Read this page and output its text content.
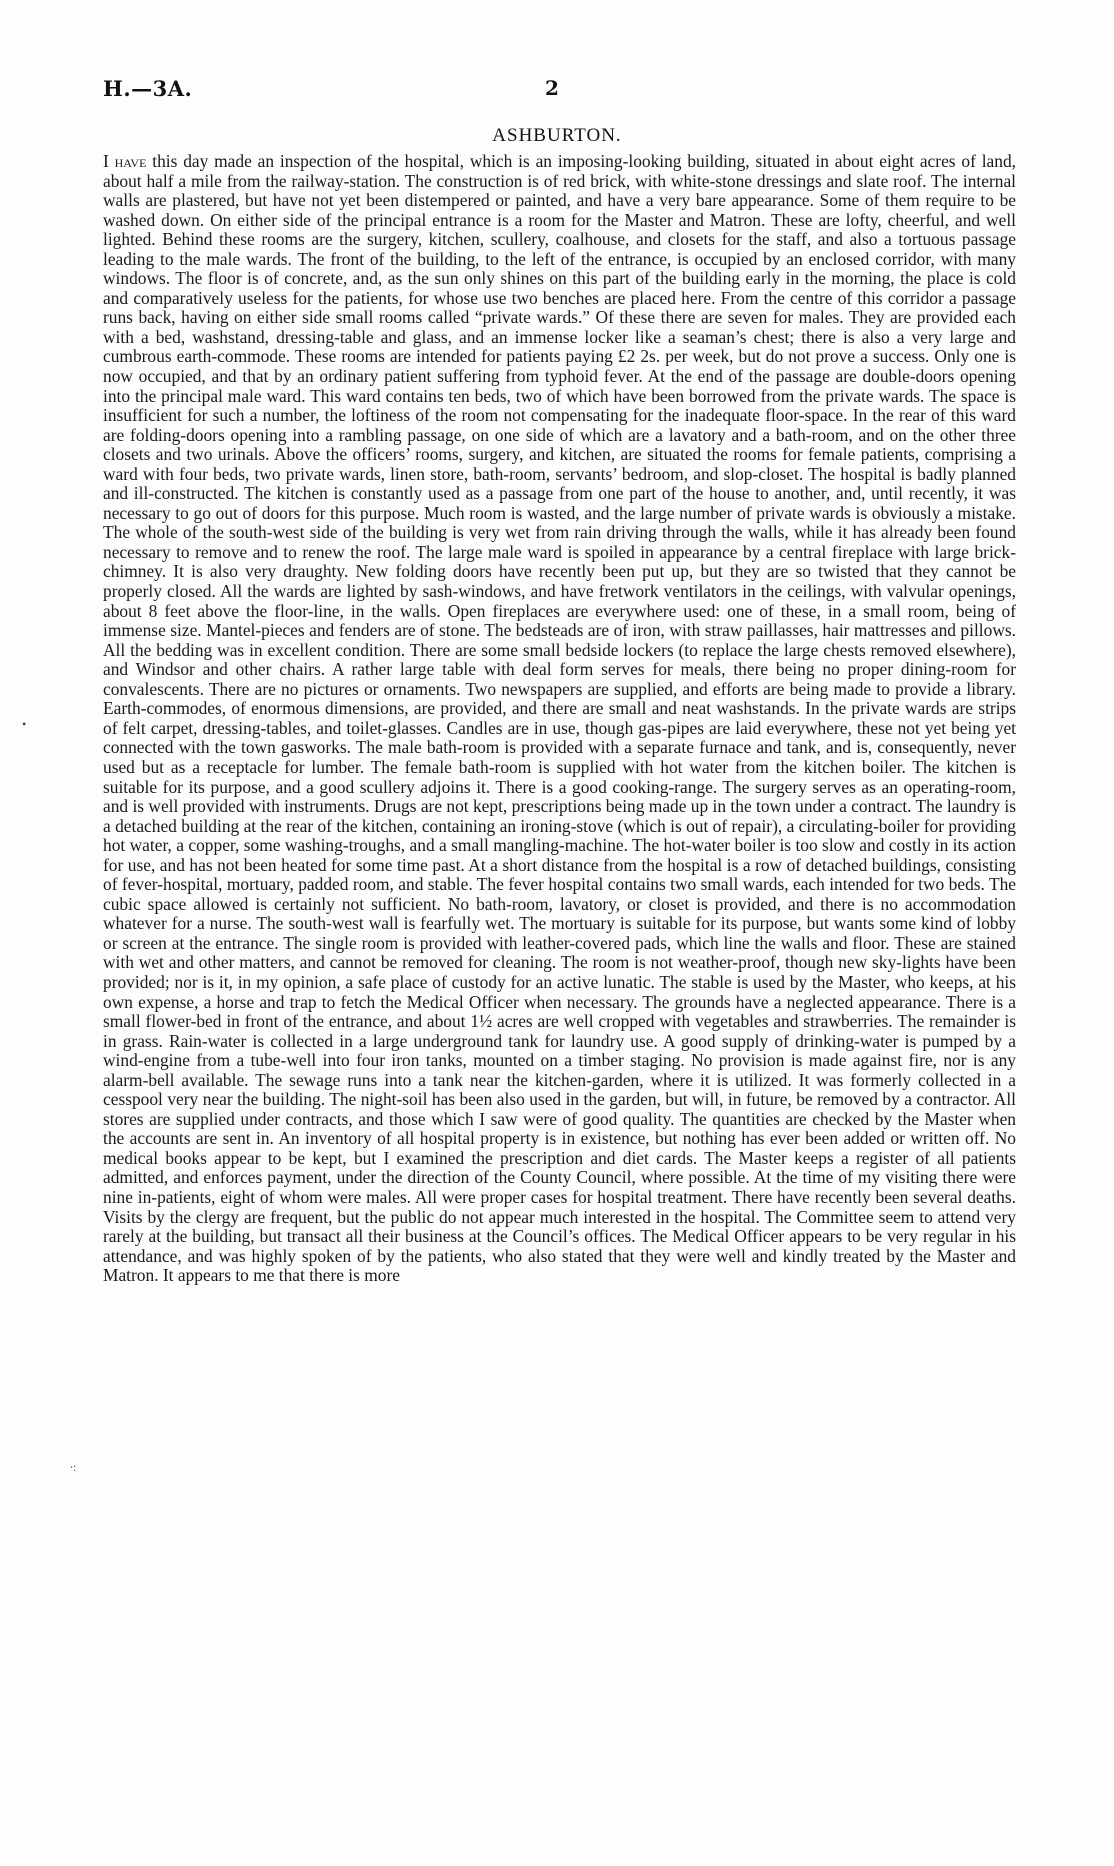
H.—3A.	2
ASHBURTON.

I have this day made an inspection of the hospital, which is an imposing-looking building, situated in about eight acres of land, about half a mile from the railway-station. The construction is of red brick, with white-stone dressings and slate roof. The internal walls are plastered, but have not yet been distempered or painted, and have a very bare appearance. Some of them require to be washed down. On either side of the principal entrance is a room for the Master and Matron. These are lofty, cheerful, and well lighted. Behind these rooms are the surgery, kitchen, scullery, coalhouse, and closets for the staff, and also a tortuous passage leading to the male wards. The front of the building, to the left of the entrance, is occupied by an enclosed corridor, with many windows. The floor is of concrete, and, as the sun only shines on this part of the building early in the morning, the place is cold and comparatively useless for the patients, for whose use two benches are placed here. From the centre of this corridor a passage runs back, having on either side small rooms called “private wards.” Of these there are seven for males. They are provided each with a bed, washstand, dressing-table and glass, and an immense locker like a seaman’s chest; there is also a very large and cumbrous earth-commode. These rooms are intended for patients paying £2 2s. per week, but do not prove a success. Only one is now occupied, and that by an ordinary patient suffering from typhoid fever. At the end of the passage are double-doors opening into the principal male ward. This ward contains ten beds, two of which have been borrowed from the private wards. The space is insufficient for such a number, the loftiness of the room not compensating for the inadequate floor-space. In the rear of this ward are folding-doors opening into a rambling passage, on one side of which are a lavatory and a bath-room, and on the other three closets and two urinals. Above the officers’ rooms, surgery, and kitchen, are situated the rooms for female patients, comprising a ward with four beds, two private wards, linen store, bath-room, servants’ bedroom, and slop-closet. The hospital is badly planned and ill-constructed. The kitchen is constantly used as a passage from one part of the house to another, and, until recently, it was necessary to go out of doors for this purpose. Much room is wasted, and the large number of private wards is obviously a mistake. The whole of the south-west side of the building is very wet from rain driving through the walls, while it has already been found necessary to remove and to renew the roof. The large male ward is spoiled in appearance by a central fireplace with large brick-chimney. It is also very draughty. New folding doors have recently been put up, but they are so twisted that they cannot be properly closed. All the wards are lighted by sash-windows, and have fretwork ventilators in the ceilings, with valvular openings, about 8 feet above the floor-line, in the walls. Open fireplaces are everywhere used: one of these, in a small room, being of immense size. Mantel-pieces and fenders are of stone. The bedsteads are of iron, with straw paillasses, hair mattresses and pillows. All the bedding was in excellent condition. There are some small bedside lockers (to replace the large chests removed elsewhere), and Windsor and other chairs. A rather large table with deal form serves for meals, there being no proper dining-room for convalescents. There are no pictures or ornaments. Two newspapers are supplied, and efforts are being made to provide a library. Earth-commodes, of enormous dimensions, are provided, and there are small and neat washstands. In the private wards are strips of felt carpet, dressing-tables, and toilet-glasses. Candles are in use, though gas-pipes are laid everywhere, these not yet being yet connected with the town gasworks. The male bath-room is provided with a separate furnace and tank, and is, consequently, never used but as a receptacle for lumber. The female bath-room is supplied with hot water from the kitchen boiler. The kitchen is suitable for its purpose, and a good scullery adjoins it. There is a good cooking-range. The surgery serves as an operating-room, and is well provided with instruments. Drugs are not kept, prescriptions being made up in the town under a contract. The laundry is a detached building at the rear of the kitchen, containing an ironing-stove (which is out of repair), a circulating-boiler for providing hot water, a copper, some washing-troughs, and a small mangling-machine. The hot-water boiler is too slow and costly in its action for use, and has not been heated for some time past. At a short distance from the hospital is a row of detached buildings, consisting of fever-hospital, mortuary, padded room, and stable. The fever hospital contains two small wards, each intended for two beds. The cubic space allowed is certainly not sufficient. No bath-room, lavatory, or closet is provided, and there is no accommodation whatever for a nurse. The south-west wall is fearfully wet. The mortuary is suitable for its purpose, but wants some kind of lobby or screen at the entrance. The single room is provided with leather-covered pads, which line the walls and floor. These are stained with wet and other matters, and cannot be removed for cleaning. The room is not weather-proof, though new sky-lights have been provided; nor is it, in my opinion, a safe place of custody for an active lunatic. The stable is used by the Master, who keeps, at his own expense, a horse and trap to fetch the Medical Officer when necessary. The grounds have a neglected appearance. There is a small flower-bed in front of the entrance, and about 1½ acres are well cropped with vegetables and strawberries. The remainder is in grass. Rain-water is collected in a large underground tank for laundry use. A good supply of drinking-water is pumped by a wind-engine from a tube-well into four iron tanks, mounted on a timber staging. No provision is made against fire, nor is any alarm-bell available. The sewage runs into a tank near the kitchen-garden, where it is utilized. It was formerly collected in a cesspool very near the building. The night-soil has been also used in the garden, but will, in future, be removed by a contractor. All stores are supplied under contracts, and those which I saw were of good quality. The quantities are checked by the Master when the accounts are sent in. An inventory of all hospital property is in existence, but nothing has ever been added or written off. No medical books appear to be kept, but I examined the prescription and diet cards. The Master keeps a register of all patients admitted, and enforces payment, under the direction of the County Council, where possible. At the time of my visiting there were nine in-patients, eight of whom were males. All were proper cases for hospital treatment. There have recently been several deaths. Visits by the clergy are frequent, but the public do not appear much interested in the hospital. The Committee seem to attend very rarely at the building, but transact all their business at the Council’s offices. The Medical Officer appears to be very regular in his attendance, and was highly spoken of by the patients, who also stated that they were well and kindly treated by the Master and Matron. It appears to me that there is more

•
∙:
